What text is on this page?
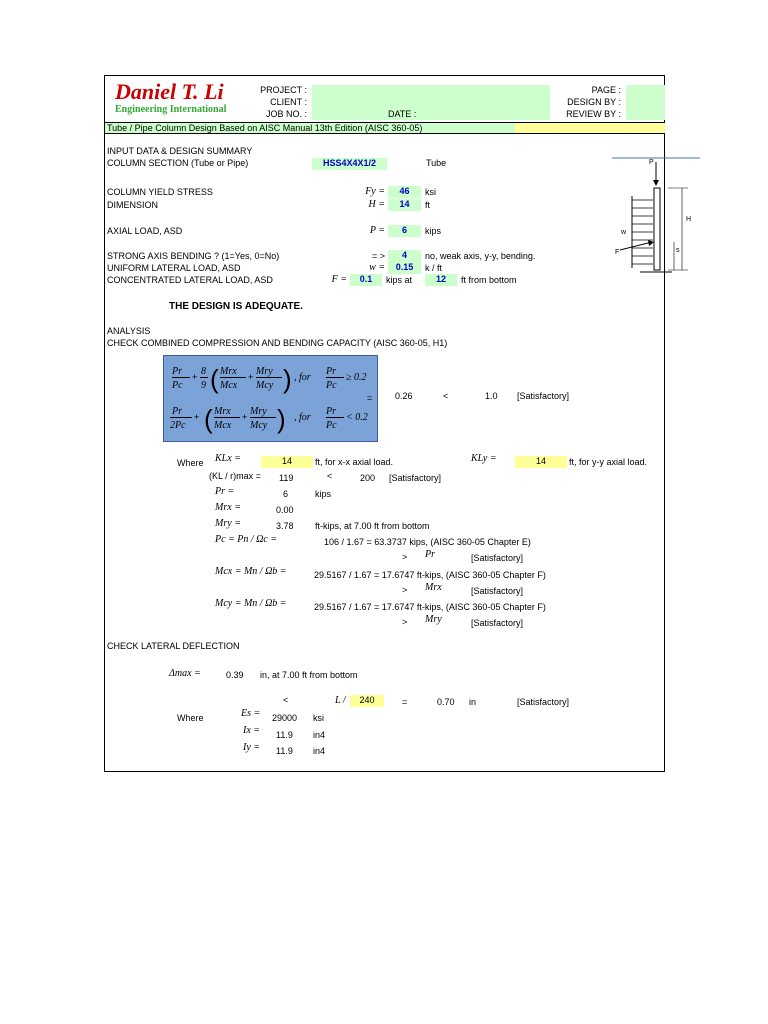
Daniel T. Li
Engineering International
PROJECT :
CLIENT :
JOB NO. :	DATE :
PAGE :
DESIGN BY :
REVIEW BY :
Tube / Pipe Column Design Based on AISC Manual 13th Edition (AISC 360-05)
INPUT DATA & DESIGN SUMMARY
COLUMN SECTION (Tube or Pipe)	HSS4X4X1/2	Tube
COLUMN YIELD STRESS	Fy =	46	ksi
DIMENSION	H =	14	ft
AXIAL LOAD, ASD	P =	6	kips
STRONG AXIS BENDING ? (1=Yes, 0=No)	= >	4	no, weak axis, y-y, bending.
UNIFORM LATERAL LOAD, ASD	w =	0.15	k / ft
CONCENTRATED LATERAL LOAD, ASD	F =	0.1	kips at	12	ft from bottom
P
H
w
F	s
THE DESIGN IS ADEQUATE.
ANALYSIS
CHECK COMBINED COMPRESSION AND BENDING CAPACITY (AISC 360-05, H1)
Pr
Pc
+ 8
9 ( Mrx
Mcx
+ Mry
Mcy ) , for
Pr
Pc
≥ 0.2
Pr
2Pc
+ ( Mrx
Mcx
+ Mry
Mcy ) , for
Pr
Pc
< 0.2
=	0.26	<	1.0 [Satisfactory]
Where KLx =	14	ft, for x-x axial load.	KLy =	14	ft, for y-y axial load.
(KL / r)max = 119	<	200 [Satisfactory]
Pr =	6	kips
Mrx =	0.00
Mry =	3.78 ft-kips, at 7.00 ft from bottom
Pc = Pn / Ωc =	106 / 1.67 = 63.3737 kips, (AISC 360-05 Chapter E)
> Pr	[Satisfactory]
Mcx = Mn / Ωb =	29.5167 / 1.67 = 17.6747 ft-kips, (AISC 360-05 Chapter F)
> Mrx	[Satisfactory]
Mcy = Mn / Ωb =	29.5167 / 1.67 = 17.6747 ft-kips, (AISC 360-05 Chapter F)
> Mry	[Satisfactory]
CHECK LATERAL DEFLECTION
Δmax =	0.39 in, at 7.00 ft from bottom
<	L /	240	=	0.70 in	[Satisfactory]
Where	Es = 29000 ksi
Ix = 11.9 in4
Iy = 11.9 in4
